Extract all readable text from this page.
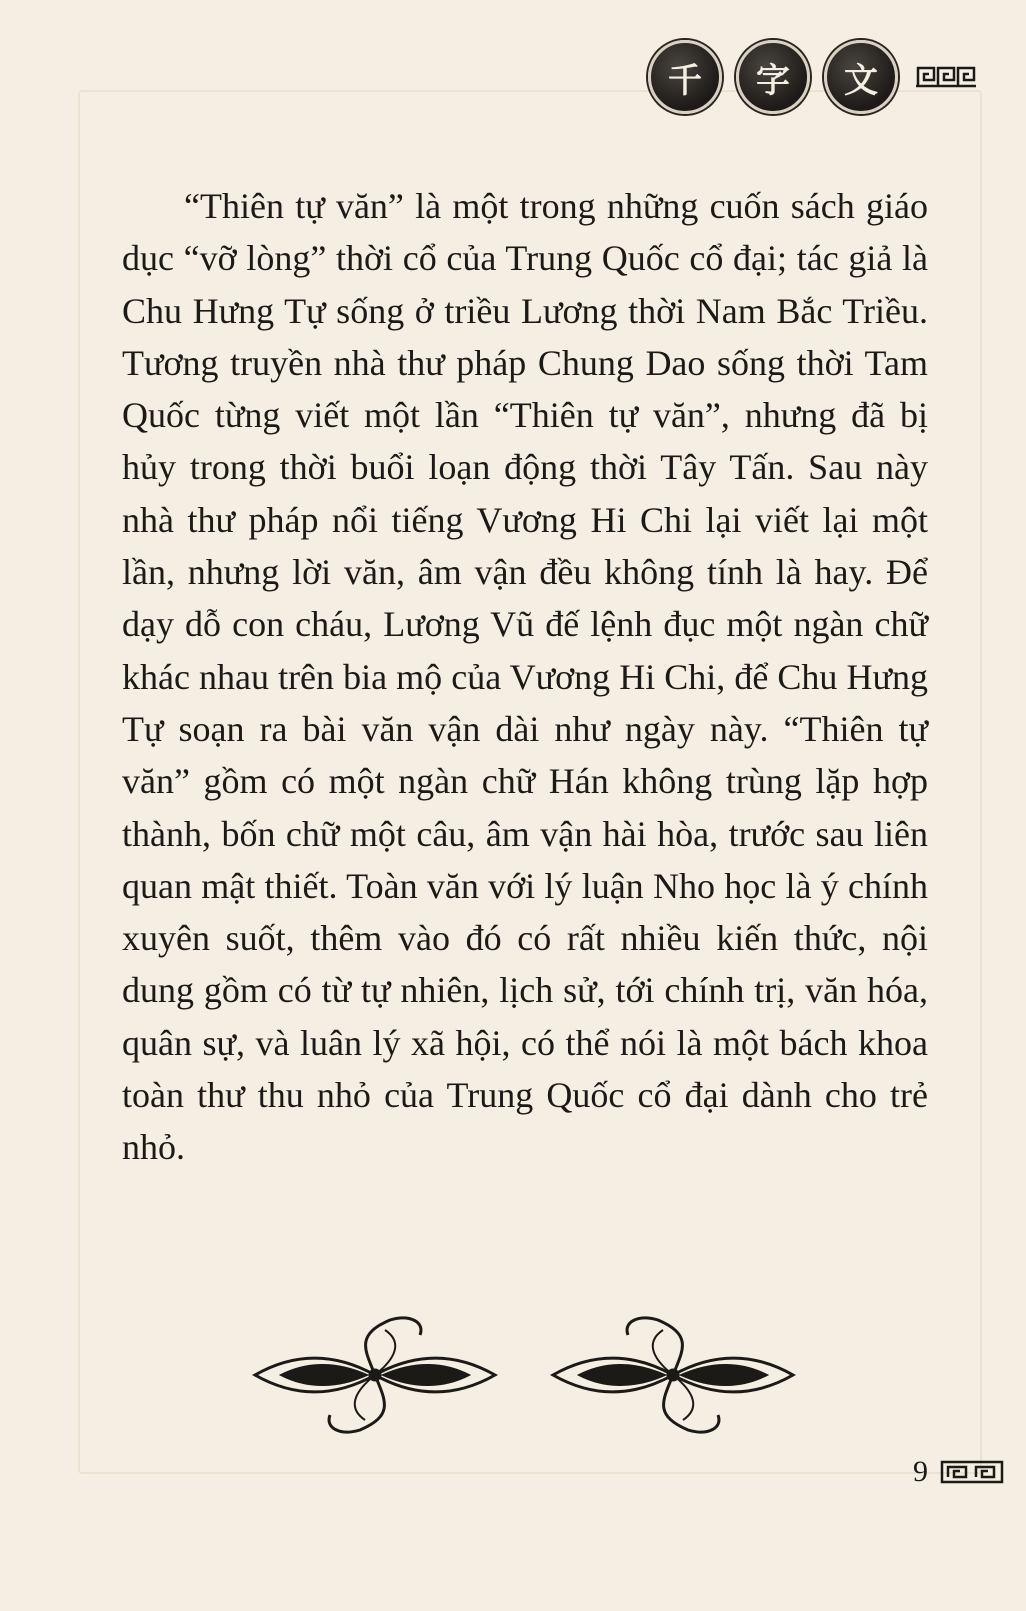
千	字	文

“Thiên tự văn” là một trong những cuốn sách giáo dục “vỡ lòng” thời cổ của Trung Quốc cổ đại; tác giả là Chu Hưng Tự sống ở triều Lương thời Nam Bắc Triều. Tương truyền nhà thư pháp Chung Dao sống thời Tam Quốc từng viết một lần “Thiên tự văn”, nhưng đã bị hủy trong thời buổi loạn động thời Tây Tấn. Sau này nhà thư pháp nổi tiếng Vương Hi Chi lại viết lại một lần, nhưng lời văn, âm vận đều không tính là hay. Để dạy dỗ con cháu, Lương Vũ đế lệnh đục một ngàn chữ khác nhau trên bia mộ của Vương Hi Chi, để Chu Hưng Tự soạn ra bài văn vận dài như ngày này. “Thiên tự văn” gồm có một ngàn chữ Hán không trùng lặp hợp thành, bốn chữ một câu, âm vận hài hòa, trước sau liên quan mật thiết. Toàn văn với lý luận Nho học là ý chính xuyên suốt, thêm vào đó có rất nhiều kiến thức, nội dung gồm có từ tự nhiên, lịch sử, tới chính trị, văn hóa, quân sự, và luân lý xã hội, có thể nói là một bách khoa toàn thư thu nhỏ của Trung Quốc cổ đại dành cho trẻ nhỏ.

9
